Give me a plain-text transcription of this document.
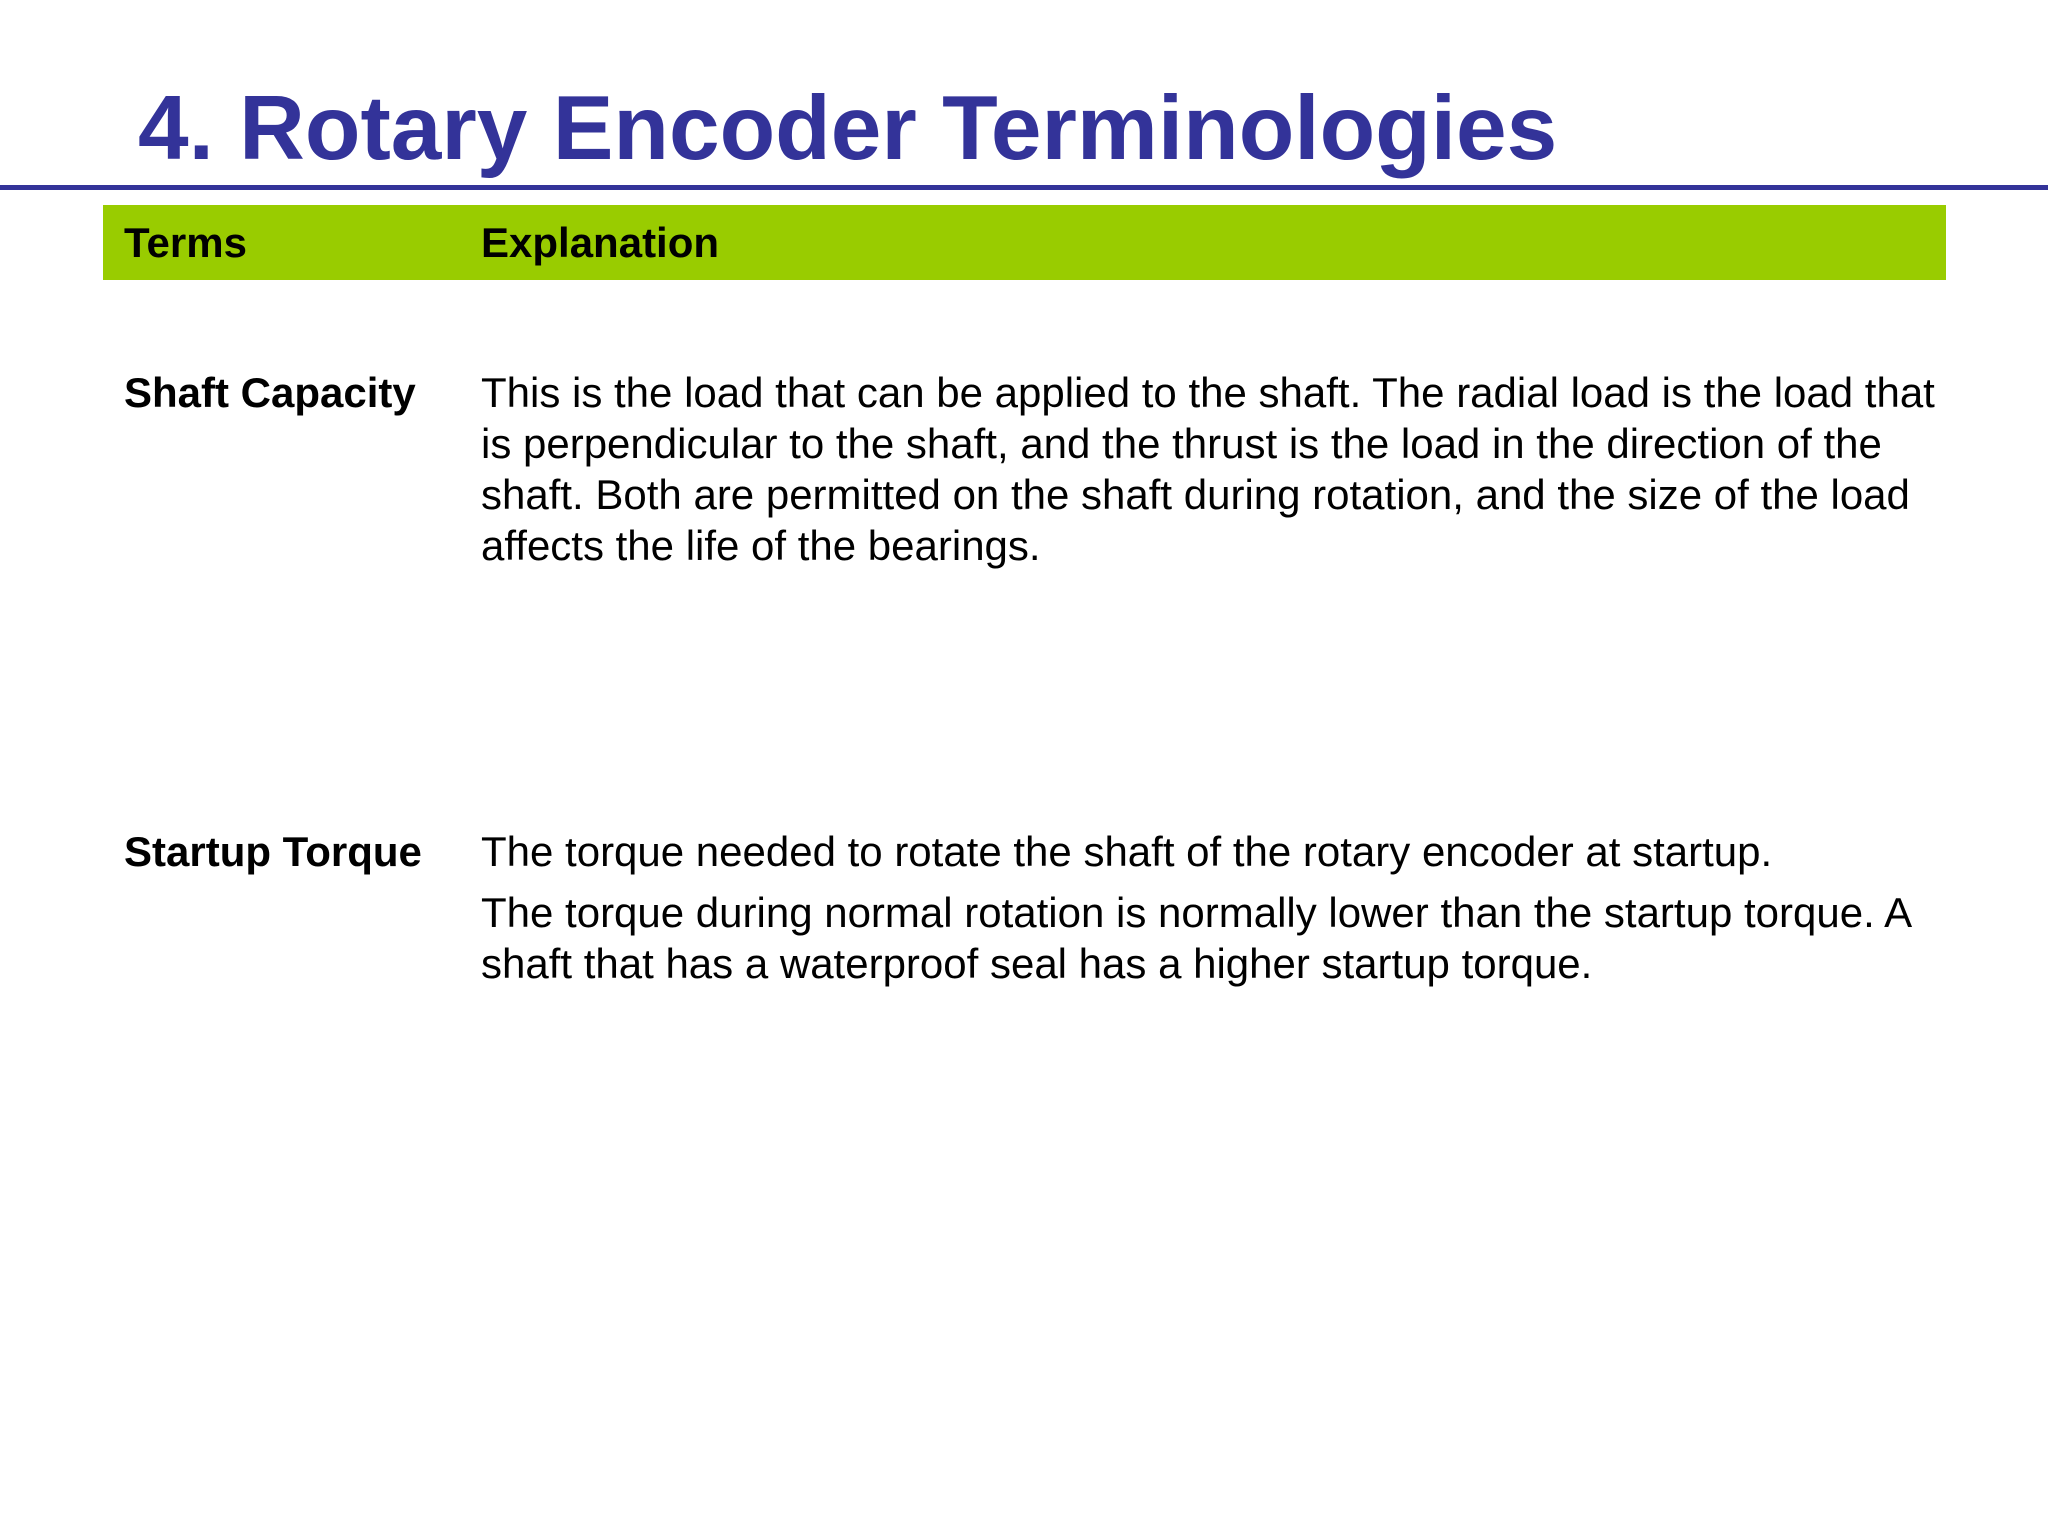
4. Rotary Encoder Terminologies
Terms	Explanation
Shaft Capacity	This is the load that can be applied to the shaft. The radial load is the load that is perpendicular to the shaft, and the thrust is the load in the direction of the shaft. Both are permitted on the shaft during rotation, and the size of the load affects the life of the bearings.

Startup Torque	The torque needed to rotate the shaft of the rotary encoder at startup.

The torque during normal rotation is normally lower than the startup torque. A shaft that has a waterproof seal has a higher startup torque.
